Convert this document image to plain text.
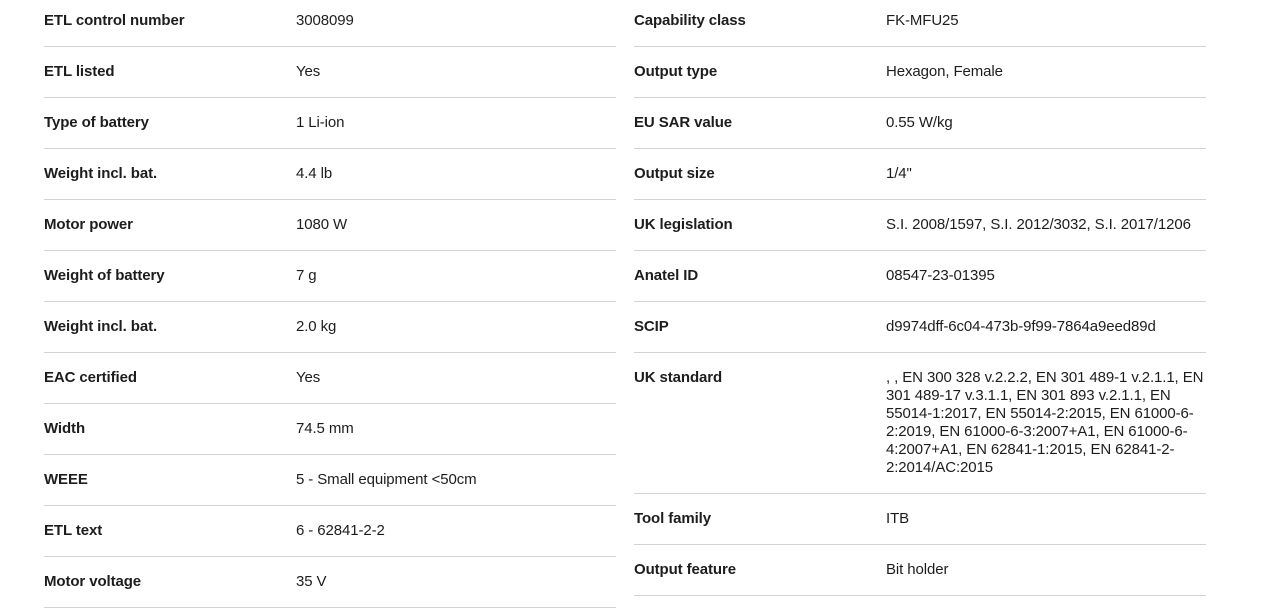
ETL control number	3008099
ETL listed	Yes
Type of battery	1 Li-ion
Weight incl. bat.	4.4 lb
Motor power	1080 W
Weight of battery	7 g
Weight incl. bat.	2.0 kg
EAC certified	Yes
Width	74.5 mm
WEEE	5 - Small equipment <50cm
ETL text	6 - 62841-2-2
Motor voltage	35 V
Capability class	FK-MFU25
Output type	Hexagon, Female
EU SAR value	0.55 W/kg
Output size	1/4"
UK legislation	S.I. 2008/1597, S.I. 2012/3032, S.I. 2017/1206
Anatel ID	08547-23-01395
SCIP	d9974dff-6c04-473b-9f99-7864a9eed89d
UK standard	, , EN 300 328 v.2.2.2, EN 301 489-1 v.2.1.1, EN 301 489-17 v.3.1.1, EN 301 893 v.2.1.1, EN 55014-1:2017, EN 55014-2:2015, EN 61000-6-2:2019, EN 61000-6-3:2007+A1, EN 61000-6-4:2007+A1, EN 62841-1:2015, EN 62841-2-2:2014/AC:2015
Tool family	ITB
Output feature	Bit holder
